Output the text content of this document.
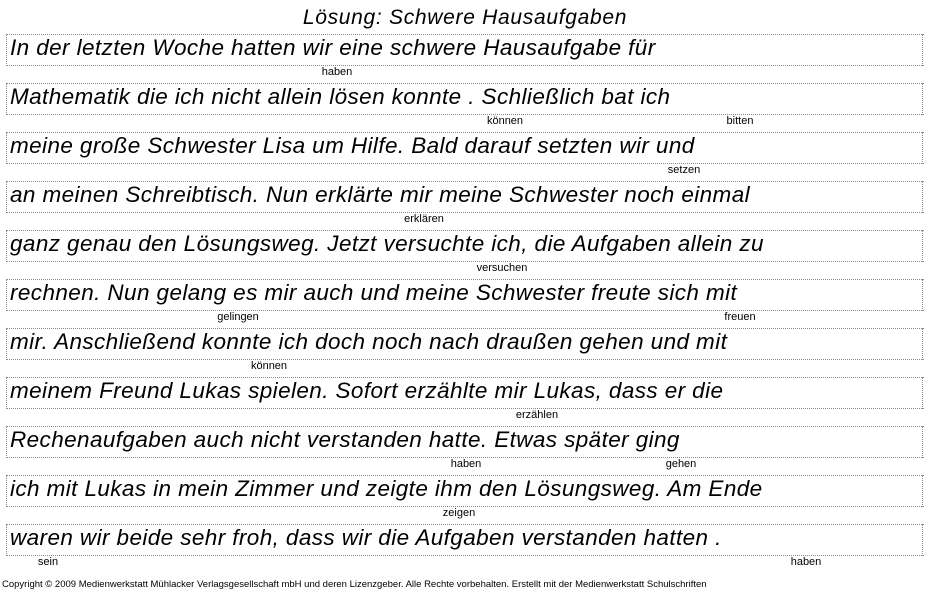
Lösung: Schwere Hausaufgaben
In der letzten Woche hatten wir eine schwere Hausaufgabe für
haben
Mathematik die ich nicht allein lösen konnte . Schließlich bat ich
können	bitten
meine große Schwester Lisa um Hilfe. Bald darauf setzten wir und
setzen
an meinen Schreibtisch. Nun erklärte mir meine Schwester noch einmal
erklären
ganz genau den Lösungsweg. Jetzt versuchte ich, die Aufgaben allein zu
versuchen
rechnen. Nun gelang es mir auch und meine Schwester freute sich mit
gelingen	freuen
mir. Anschließend konnte ich doch noch nach draußen gehen und mit
können
meinem Freund Lukas spielen. Sofort erzählte mir Lukas, dass er die
erzählen
Rechenaufgaben auch nicht verstanden hatte. Etwas später ging
haben	gehen
ich mit Lukas in mein Zimmer und zeigte ihm den Lösungsweg. Am Ende
zeigen
waren wir beide sehr froh, dass wir die Aufgaben verstanden hatten .
sein	haben
Copyright © 2009 Medienwerkstatt Mühlacker Verlagsgesellschaft mbH und deren Lizenzgeber. Alle Rechte vorbehalten. Erstellt mit der Medienwerkstatt Schulschriften
